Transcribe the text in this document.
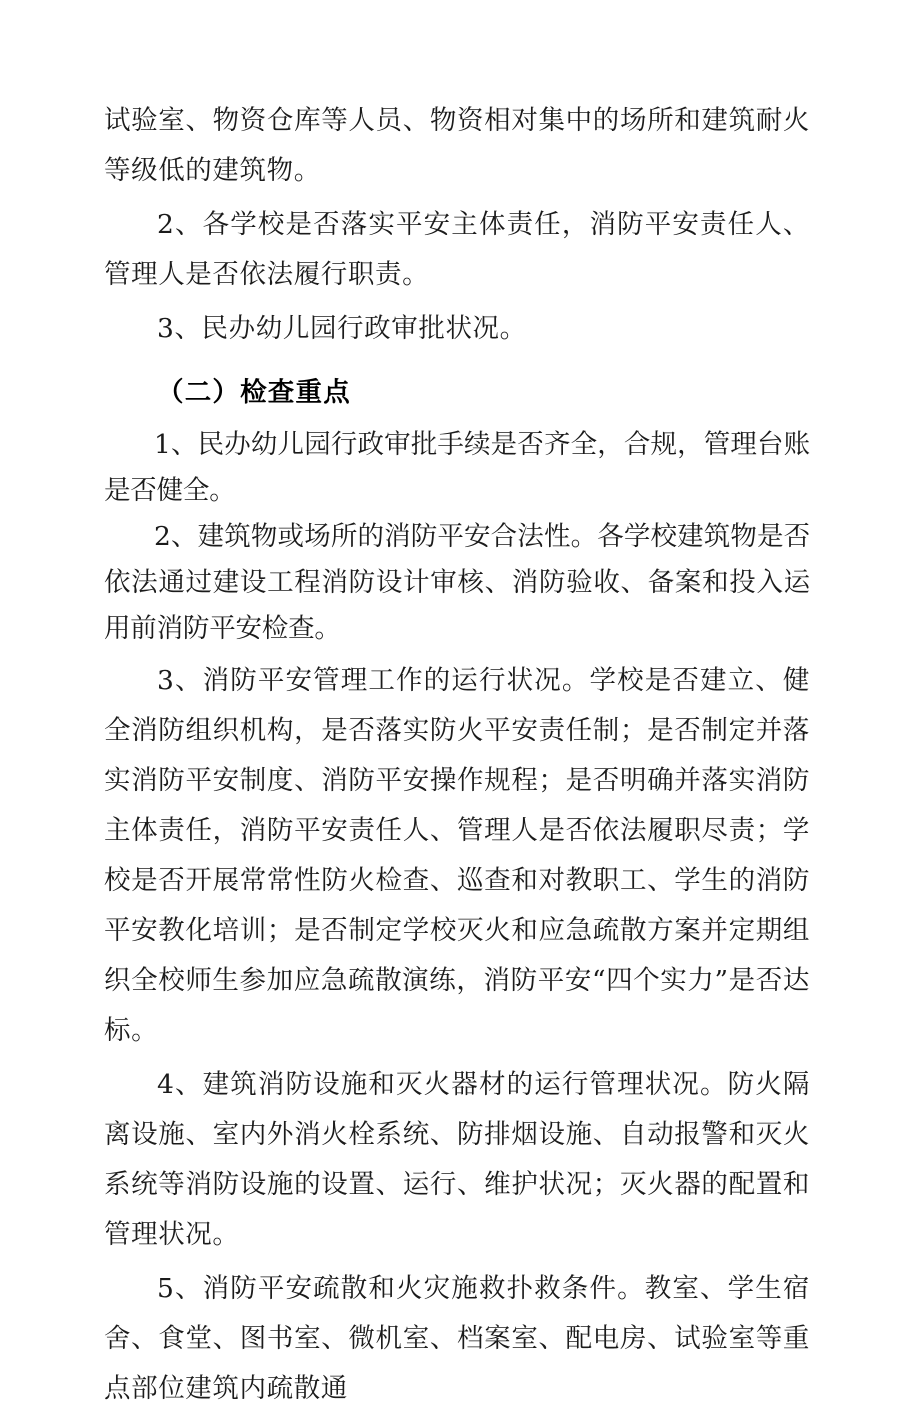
试验室、物资仓库等人员、物资相对集中的场所和建筑耐火等级低的建筑物。

2、各学校是否落实平安主体责任，消防平安责任人、管理人是否依法履行职责。

3、民办幼儿园行政审批状况。

（二）检查重点

1、民办幼儿园行政审批手续是否齐全，合规，管理台账是否健全。

2、建筑物或场所的消防平安合法性。各学校建筑物是否依法通过建设工程消防设计审核、消防验收、备案和投入运用前消防平安检查。

3、消防平安管理工作的运行状况。学校是否建立、健全消防组织机构，是否落实防火平安责任制；是否制定并落实消防平安制度、消防平安操作规程；是否明确并落实消防主体责任，消防平安责任人、管理人是否依法履职尽责；学校是否开展常常性防火检查、巡查和对教职工、学生的消防平安教化培训；是否制定学校灭火和应急疏散方案并定期组织全校师生参加应急疏散演练，消防平安“四个实力”是否达标。

4、建筑消防设施和灭火器材的运行管理状况。防火隔离设施、室内外消火栓系统、防排烟设施、自动报警和灭火系统等消防设施的设置、运行、维护状况；灭火器的配置和管理状况。

5、消防平安疏散和火灾施救扑救条件。教室、学生宿舍、食堂、图书室、微机室、档案室、配电房、试验室等重点部位建筑内疏散通
